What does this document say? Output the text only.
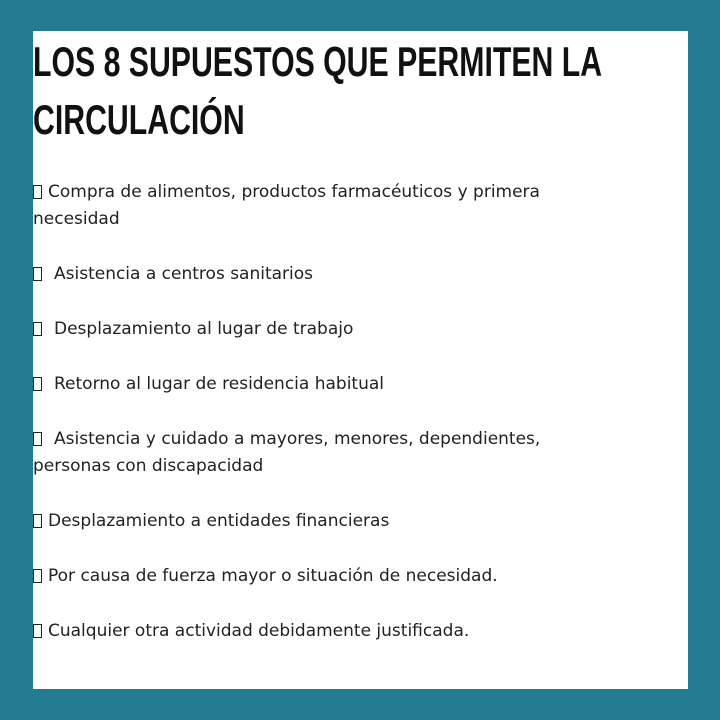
LOS 8 SUPUESTOS QUE PERMITEN LA
CIRCULACIÓN
Compra de alimentos, productos farmacéuticos y primera
necesidad
Asistencia a centros sanitarios
Desplazamiento al lugar de trabajo
Retorno al lugar de residencia habitual
Asistencia y cuidado a mayores, menores, dependientes,
personas con discapacidad
Desplazamiento a entidades financieras
Por causa de fuerza mayor o situación de necesidad.
Cualquier otra actividad debidamente justificada.
